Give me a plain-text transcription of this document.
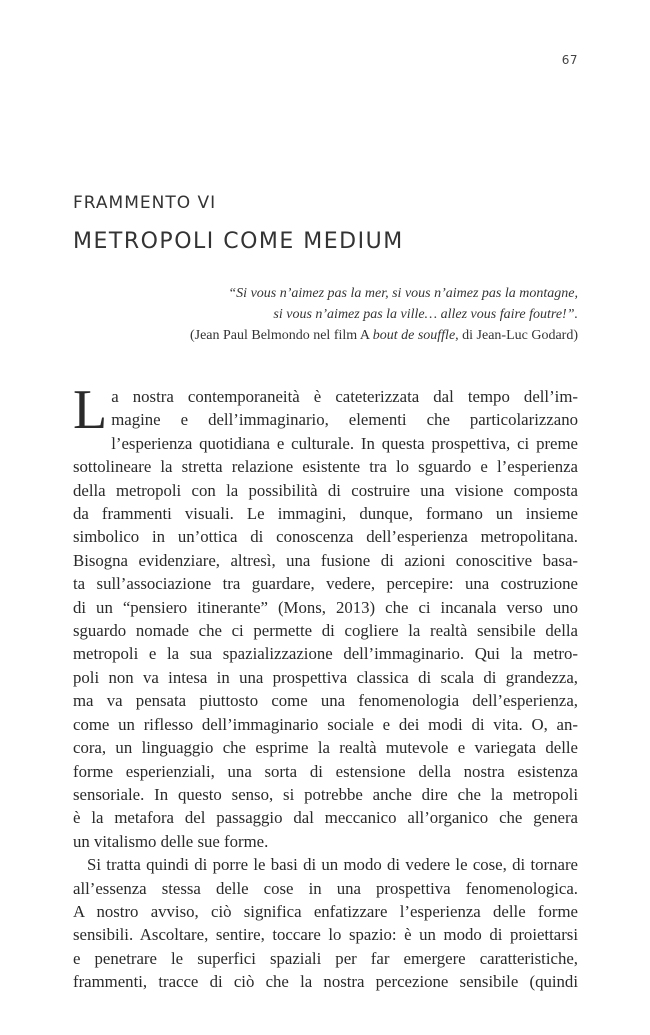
67
FRAMMENTO VI
METROPOLI COME MEDIUM
“Si vous n’aimez pas la mer, si vous n’aimez pas la montagne,
si vous n’aimez pas la ville… allez vous faire foutre!”.
(Jean Paul Belmondo nel film A bout de souffle, di Jean-Luc Godard)

L a nostra contemporaneità è cateterizzata dal tempo dell’im-
magine e dell’immaginario, elementi che particolarizzano
l’esperienza quotidiana e culturale. In questa prospettiva, ci preme
sottolineare la stretta relazione esistente tra lo sguardo e l’esperienza
della metropoli con la possibilità di costruire una visione composta
da frammenti visuali. Le immagini, dunque, formano un insieme
simbolico in un’ottica di conoscenza dell’esperienza metropolitana.
Bisogna evidenziare, altresì, una fusione di azioni conoscitive basa-
ta sull’associazione tra guardare, vedere, percepire: una costruzione
di un “pensiero itinerante” (Mons, 2013) che ci incanala verso uno
sguardo nomade che ci permette di cogliere la realtà sensibile della
metropoli e la sua spazializzazione dell’immaginario. Qui la metro-
poli non va intesa in una prospettiva classica di scala di grandezza,
ma va pensata piuttosto come una fenomenologia dell’esperienza,
come un riflesso dell’immaginario sociale e dei modi di vita. O, an-
cora, un linguaggio che esprime la realtà mutevole e variegata delle
forme esperienziali, una sorta di estensione della nostra esistenza
sensoriale. In questo senso, si potrebbe anche dire che la metropoli
è la metafora del passaggio dal meccanico all’organico che genera
un vitalismo delle sue forme.

Si tratta quindi di porre le basi di un modo di vedere le cose, di tornare
all’essenza stessa delle cose in una prospettiva fenomenologica.
A nostro avviso, ciò significa enfatizzare l’esperienza delle forme
sensibili. Ascoltare, sentire, toccare lo spazio: è un modo di proiettarsi
e penetrare le superfici spaziali per far emergere caratteristiche,
frammenti, tracce di ciò che la nostra percezione sensibile (quindi
